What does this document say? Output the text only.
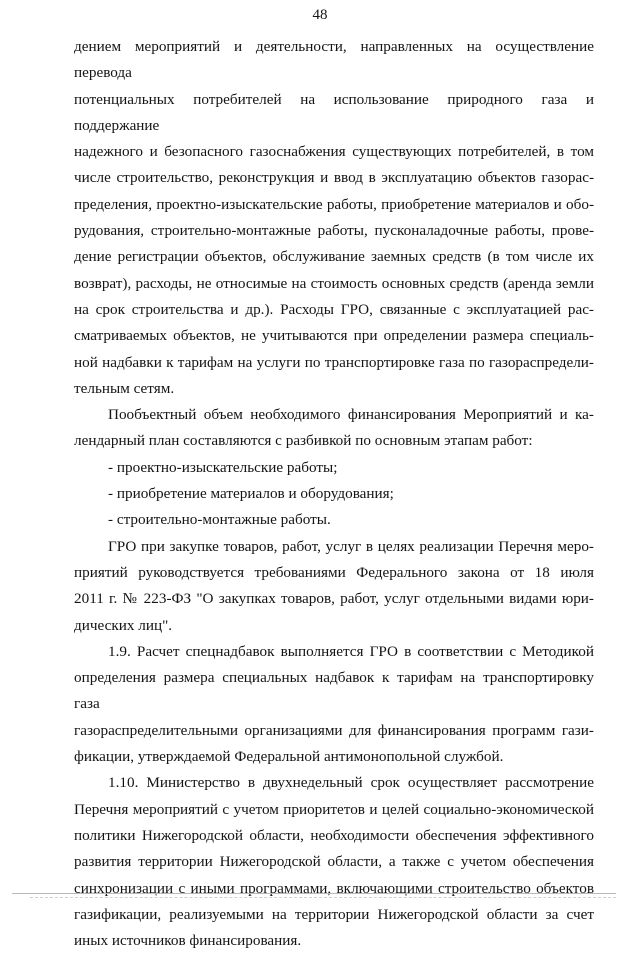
48

дением мероприятий и деятельности, направленных на осуществление перевода

потенциальных потребителей на использование природного газа и поддержание

надежного и безопасного газоснабжения существующих потребителей, в том

числе строительство, реконструкция и ввод в эксплуатацию объектов газорас-

пределения, проектно-изыскательские работы, приобретение материалов и обо-

рудования, строительно-монтажные работы, пусконаладочные работы, прове-

дение регистрации объектов, обслуживание заемных средств (в том числе их

возврат), расходы, не относимые на стоимость основных средств (аренда земли

на срок строительства и др.). Расходы ГРО, связанные с эксплуатацией рас-

сматриваемых объектов, не учитываются при определении размера специаль-

ной надбавки к тарифам на услуги по транспортировке газа по газораспредели-

тельным сетям.

Пообъектный объем необходимого финансирования Мероприятий и ка-

лендарный план составляются с разбивкой по основным этапам работ:

- проектно-изыскательские работы;

- приобретение материалов и оборудования;

- строительно-монтажные работы.

ГРО при закупке товаров, работ, услуг в целях реализации Перечня меро-

приятий руководствуется требованиями Федерального закона от 18 июля

2011 г. № 223-ФЗ "О закупках товаров, работ, услуг отдельными видами юри-

дических лиц".

1.9. Расчет спецнадбавок выполняется ГРО в соответствии с Методикой

определения размера специальных надбавок к тарифам на транспортировку газа

газораспределительными организациями для финансирования программ гази-

фикации, утверждаемой Федеральной антимонопольной службой.

1.10. Министерство в двухнедельный срок осуществляет рассмотрение

Перечня мероприятий с учетом приоритетов и целей социально-экономической

политики Нижегородской области, необходимости обеспечения эффективного

развития территории Нижегородской области, а также с учетом обеспечения

синхронизации с иными программами, включающими строительство объектов

газификации, реализуемыми на территории Нижегородской области за счет

иных источников финансирования.
